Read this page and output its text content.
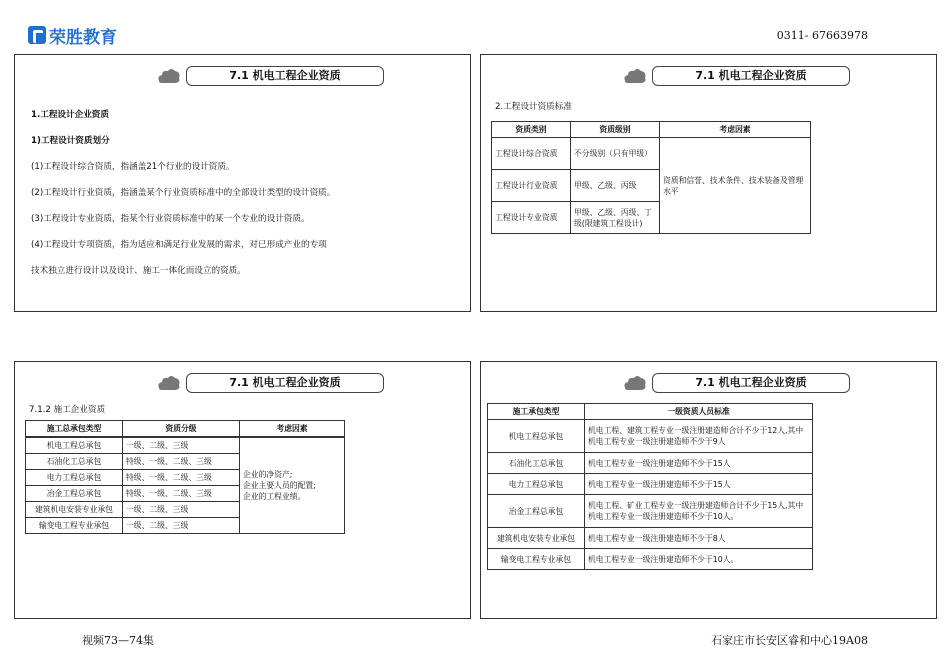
荣胜教育	0311- 67663978
7.1 机电工程企业资质
1.工程设计企业资质
1)工程设计资质划分
(1)工程设计综合资质，指涵盖21个行业的设计资质。
(2)工程设计行业资质，指涵盖某个行业资质标准中的全部设计类型的设计资质。
(3)工程设计专业资质，指某个行业资质标准中的某一个专业的设计资质。
(4)工程设计专项资质，指为适应和满足行业发展的需求，对已形成产业的专项
技术独立进行设计以及设计、施工一体化而设立的资质。
7.1 机电工程企业资质
2.工程设计资质标准
资质类别	资质级别	考虑因素
工程设计综合资质	不分级别（只有甲级）	资质和信誉、技术条件、技术装备及管理水平
工程设计行业资质	甲级、乙级、丙级	
工程设计专业资质	甲级、乙级、丙级、丁级(限建筑工程设计)	
7.1 机电工程企业资质
7.1.2 施工企业资质
施工总承包类型	资质分级	考虑因素
机电工程总承包	一级、二级、三级	企业的净资产;
企业主要人员的配置;
企业的工程业绩。

石油化工总承包	特级、一级、二级、三级	
电力工程总承包	特级、一级、二级、三级	
冶金工程总承包	特级、一级、二级、三级	
建筑机电安装专业承包	一级、二级、三级	
输变电工程专业承包	一级、二级、三级	
7.1 机电工程企业资质
施工承包类型	一级资质人员标准
机电工程总承包	机电工程、建筑工程专业一级注册建造师合计不少于12人,其中机电工程专业一级注册建造师不少于9人
石油化工总承包	机电工程专业一级注册建造师不少于15人
电力工程总承包	机电工程专业一级注册建造师不少于15人
冶金工程总承包	机电工程、矿业工程专业一级注册建造师合计不少于15人,其中机电工程专业一级注册建造师不少于10人。
建筑机电安装专业承包	机电工程专业一级注册建造师不少于8人
输变电工程专业承包	机电工程专业一级注册建造师不少于10人。
视频73—74集	石家庄市长安区睿和中心19A08
